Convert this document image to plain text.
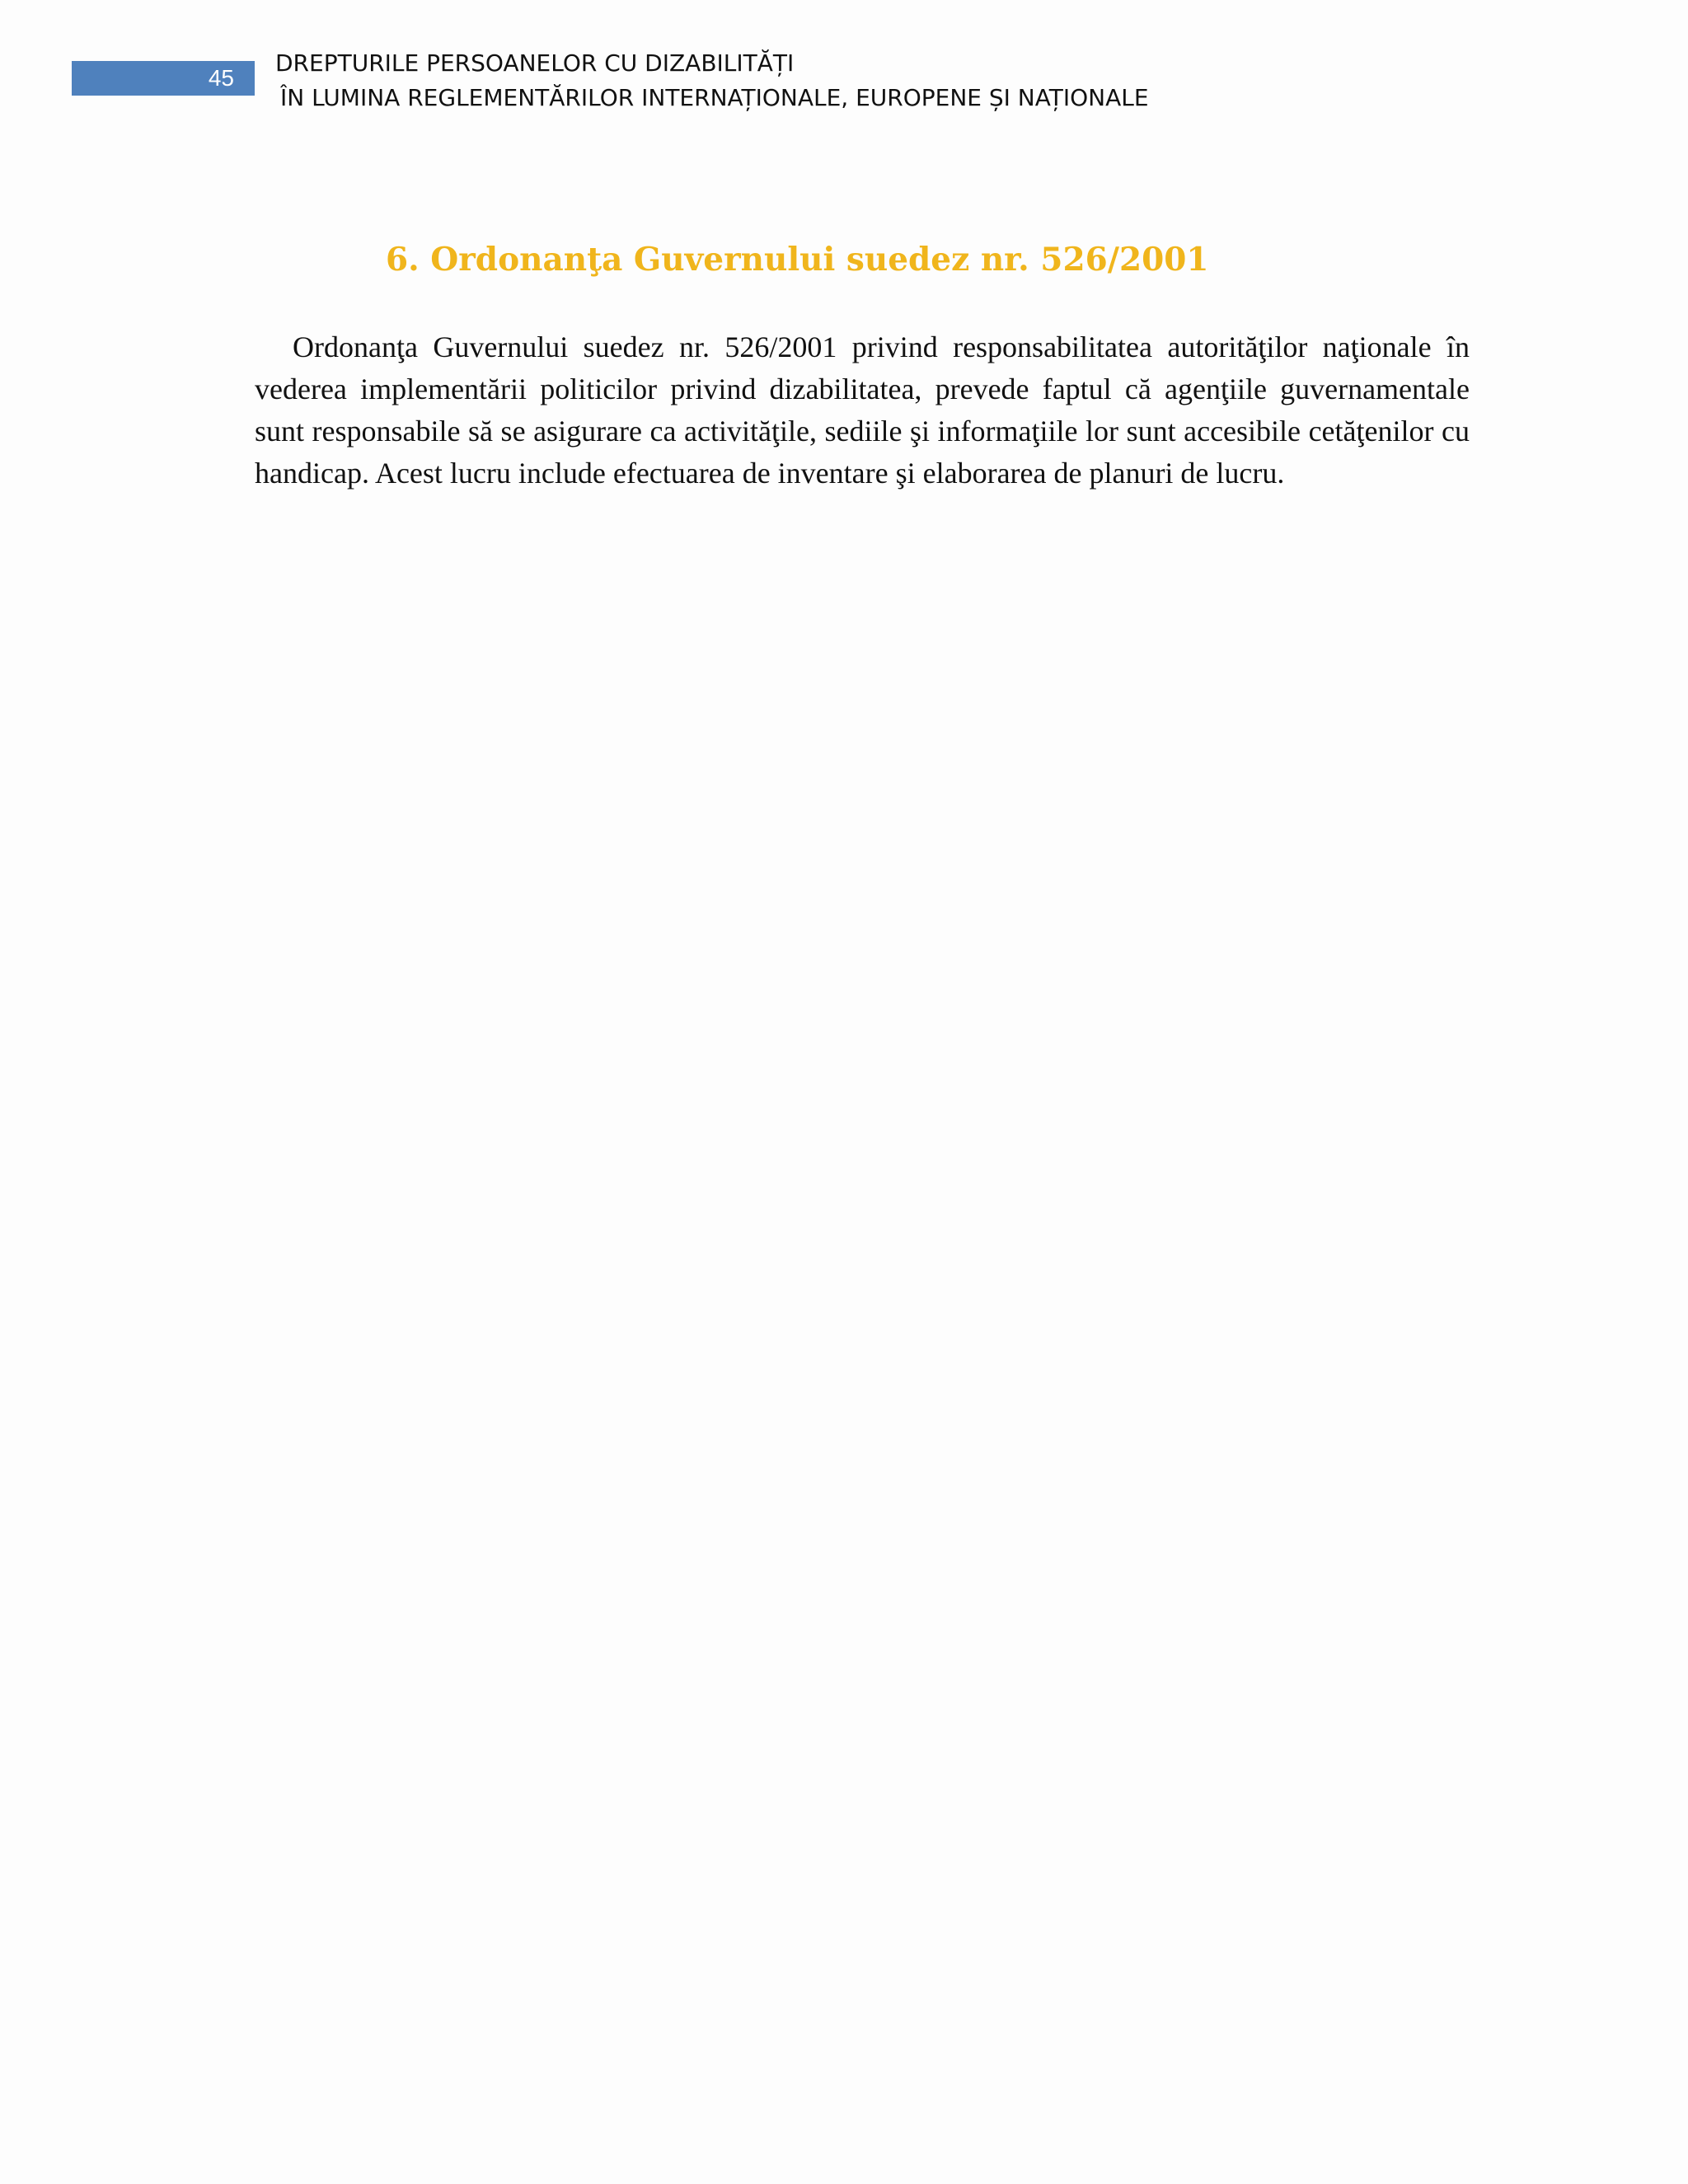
45
DREPTURILE PERSOANELOR CU DIZABILITĂȚI
ÎN LUMINA REGLEMENTĂRILOR INTERNAȚIONALE, EUROPENE ȘI NAȚIONALE
6. Ordonanţa Guvernului suedez nr. 526/2001

Ordonanţa Guvernului suedez nr. 526/2001 privind responsabilitatea autorităţilor naţionale în vederea implementării politicilor privind dizabilitatea, prevede faptul că agenţiile guvernamentale sunt responsabile să se asigurare ca activităţile, sediile şi informaţiile lor sunt accesibile cetăţenilor cu handicap. Acest lucru include efectuarea de inventare şi elaborarea de planuri de lucru.
